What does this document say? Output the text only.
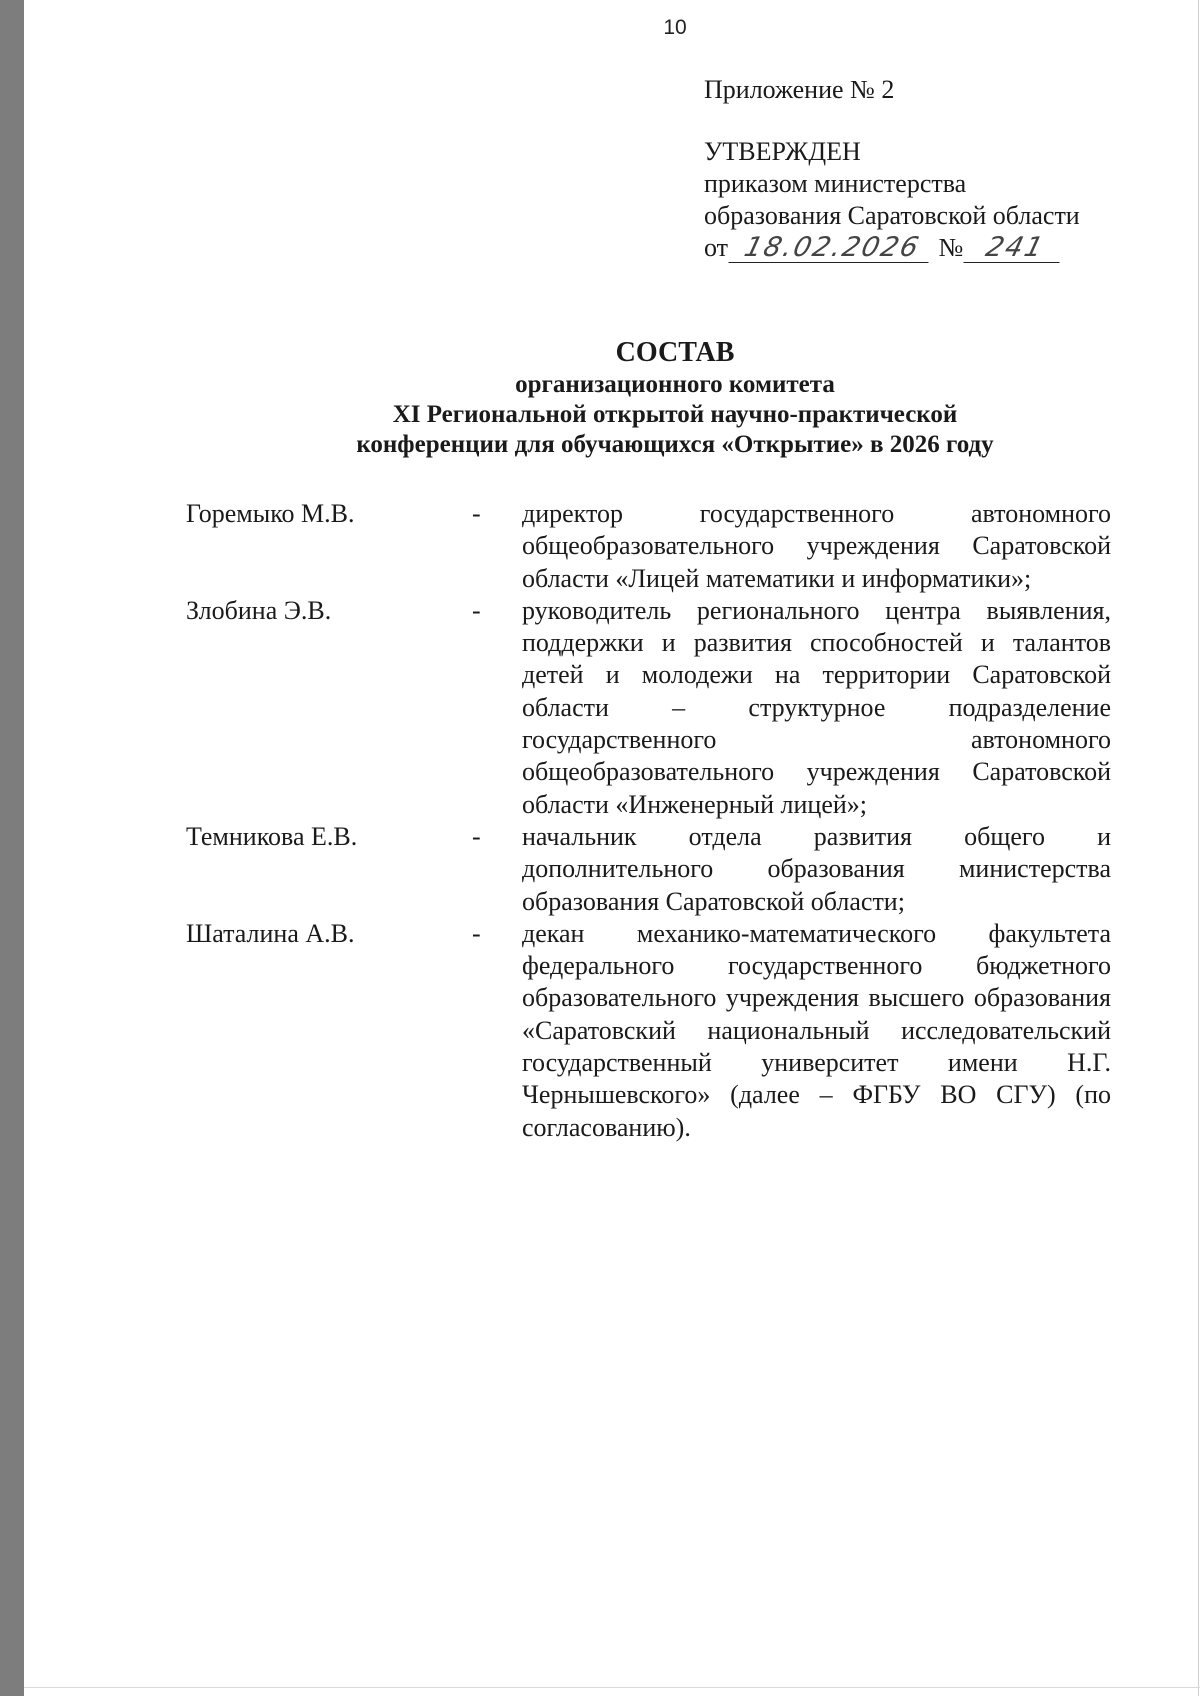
10
Приложение № 2
УТВЕРЖДЕН
приказом министерства
образования Саратовской области
от 18.02.2026 № 241
СОСТАВ
организационного комитета
XI Региональной открытой научно-практической
конференции для обучающихся «Открытие» в 2026 году
Горемыко М.В.	-	директор государственного автономного общеобразовательного учреждения Саратовской области «Лицей математики и информатики»;
Злобина Э.В.	-	руководитель регионального центра выявления, поддержки и развития способностей и талантов детей и молодежи на территории Саратовской области – структурное подразделение государственного автономного общеобразовательного учреждения Саратовской области «Инженерный лицей»;
Темникова Е.В.	-	начальник отдела развития общего и дополнительного образования министерства образования Саратовской области;
Шаталина А.В.	-	декан механико-математического факультета федерального государственного бюджетного образовательного учреждения высшего образования «Саратовский национальный исследовательский государственный университет имени Н.Г. Чернышевского» (далее – ФГБУ ВО СГУ) (по согласованию).
